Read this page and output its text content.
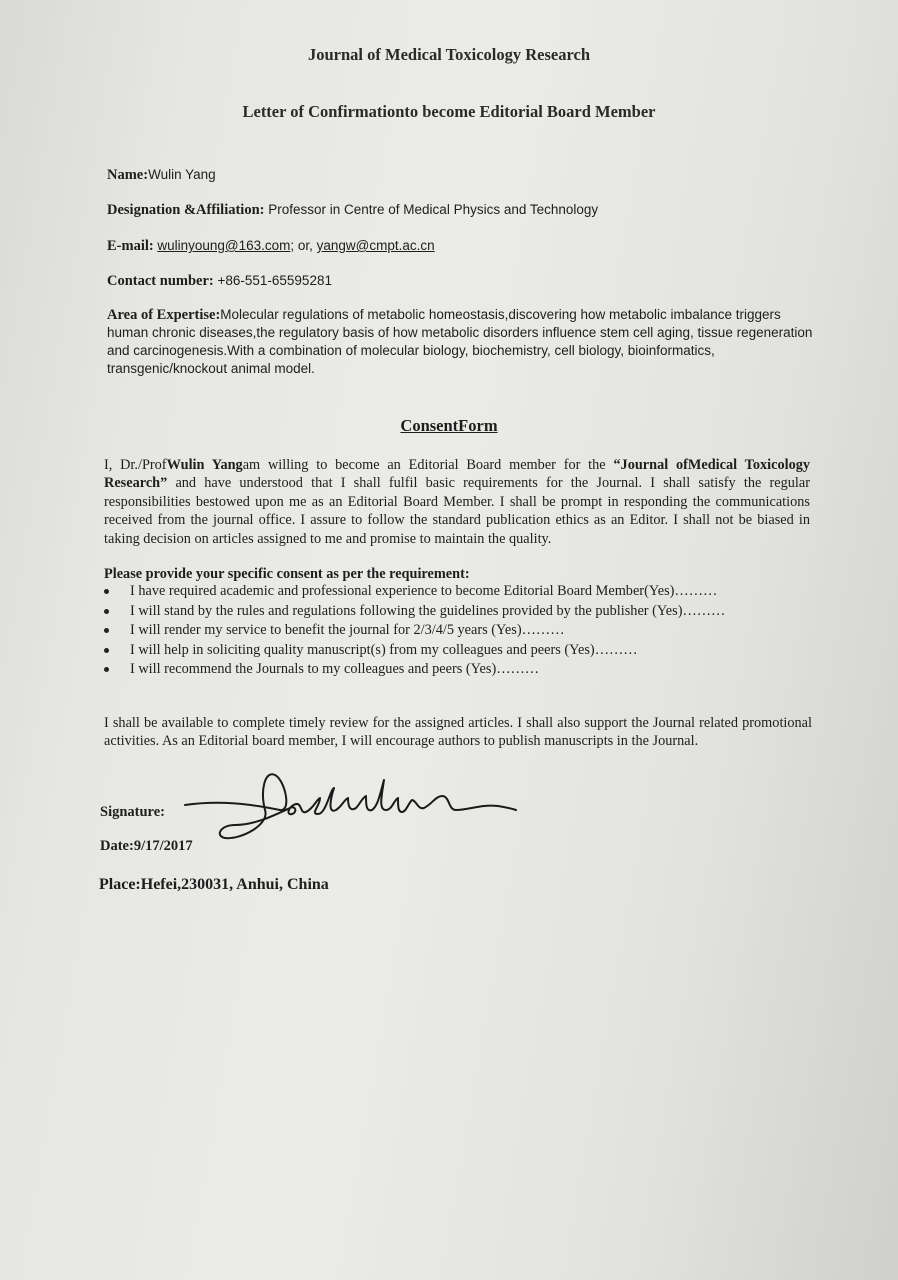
Journal of Medical Toxicology Research
Letter of Confirmationto become Editorial Board Member
Name:Wulin Yang
Designation &Affiliation: Professor in Centre of Medical Physics and Technology
E-mail: wulinyoung@163.com; or, yangw@cmpt.ac.cn
Contact number: +86-551-65595281
Area of Expertise:Molecular regulations of metabolic homeostasis,discovering how metabolic imbalance triggers human chronic diseases,the regulatory basis of how metabolic disorders influence stem cell aging, tissue regeneration and carcinogenesis.With a combination of molecular biology, biochemistry, cell biology, bioinformatics, transgenic/knockout animal model.
ConsentForm
I, Dr./ProfWulin Yangam willing to become an Editorial Board member for the “Journal ofMedical Toxicology Research” and have understood that I shall fulfil basic requirements for the Journal. I shall satisfy the regular responsibilities bestowed upon me as an Editorial Board Member. I shall be prompt in responding the communications received from the journal office. I assure to follow the standard publication ethics as an Editor. I shall not be biased in taking decision on articles assigned to me and promise to maintain the quality.
Please provide your specific consent as per the requirement:
I have required academic and professional experience to become Editorial Board Member(Yes)………
I will stand by the rules and regulations following the guidelines provided by the publisher (Yes)………
I will render my service to benefit the journal for 2/3/4/5 years (Yes)………
I will help in soliciting quality manuscript(s) from my colleagues and peers (Yes)………
I will recommend the Journals to my colleagues and peers (Yes)………
I shall be available to complete timely review for the assigned articles. I shall also support the Journal related promotional activities. As an Editorial board member, I will encourage authors to publish manuscripts in the Journal.
Signature:
Date:9/17/2017
Place:Hefei,230031, Anhui, China
